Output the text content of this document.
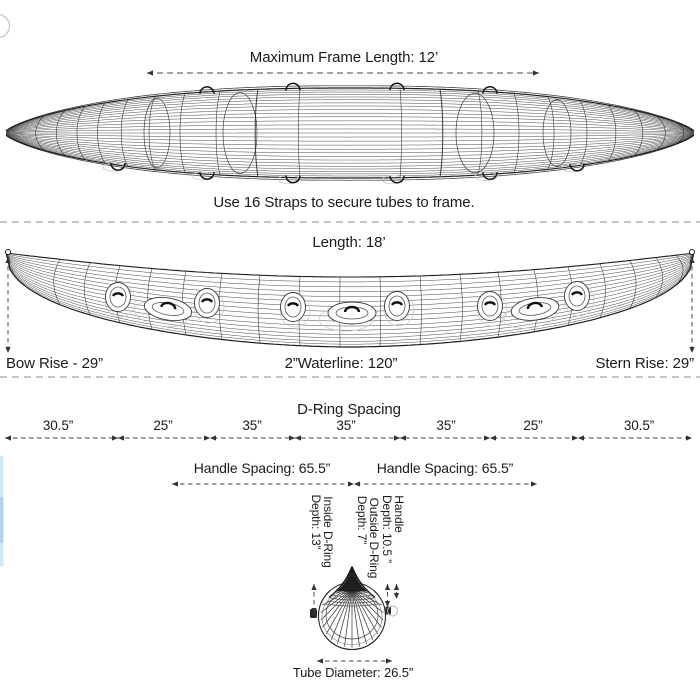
Maximum Frame Length: 12’
Use 16 Straps to secure tubes to frame.
Length: 18’
Bow Rise - 29”	2”Waterline: 120”	Stern Rise: 29”
D-Ring Spacing
30.5”	25”	35”	35”	35”	25”	30.5”
Handle Spacing: 65.5”	Handle Spacing: 65.5”
Inside D-Ring
Depth: 13”	Outside D-Ring
Depth: 7” Handle
Depth: 10.5 ”
Tube Diameter: 26.5”
